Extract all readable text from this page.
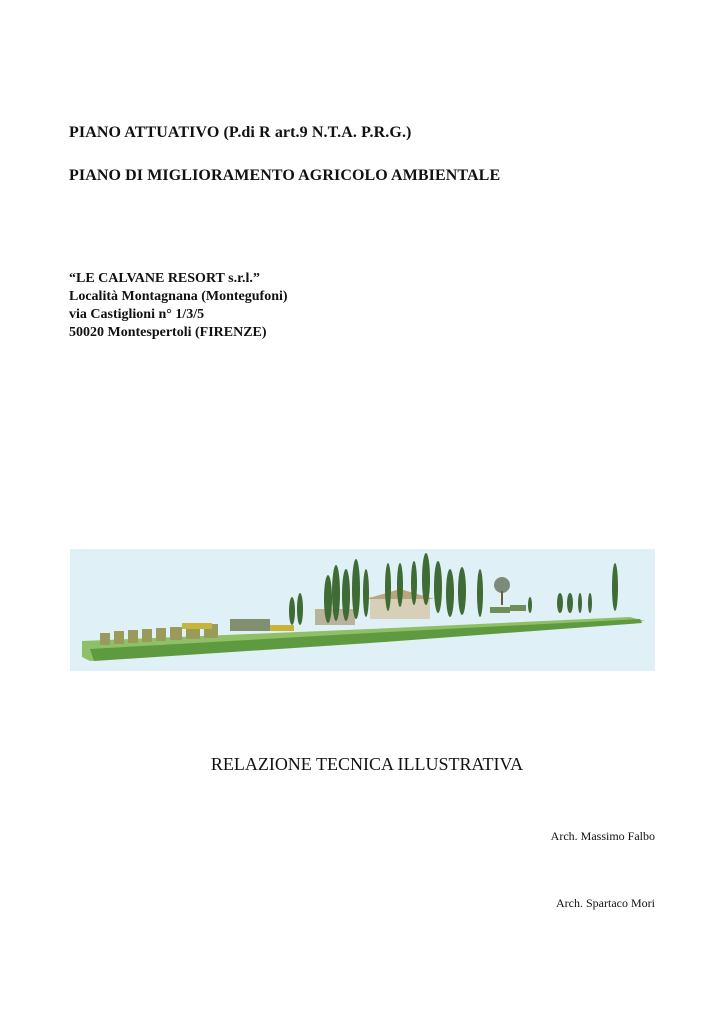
PIANO ATTUATIVO (P.di R art.9 N.T.A. P.R.G.)
PIANO DI MIGLIORAMENTO AGRICOLO AMBIENTALE
“LE CALVANE RESORT s.r.l.”
Località Montagnana (Montegufoni)
via Castiglioni n° 1/3/5
50020 Montespertoli (FIRENZE)
RELAZIONE TECNICA ILLUSTRATIVA
Arch. Massimo Falbo
Arch. Spartaco Mori
